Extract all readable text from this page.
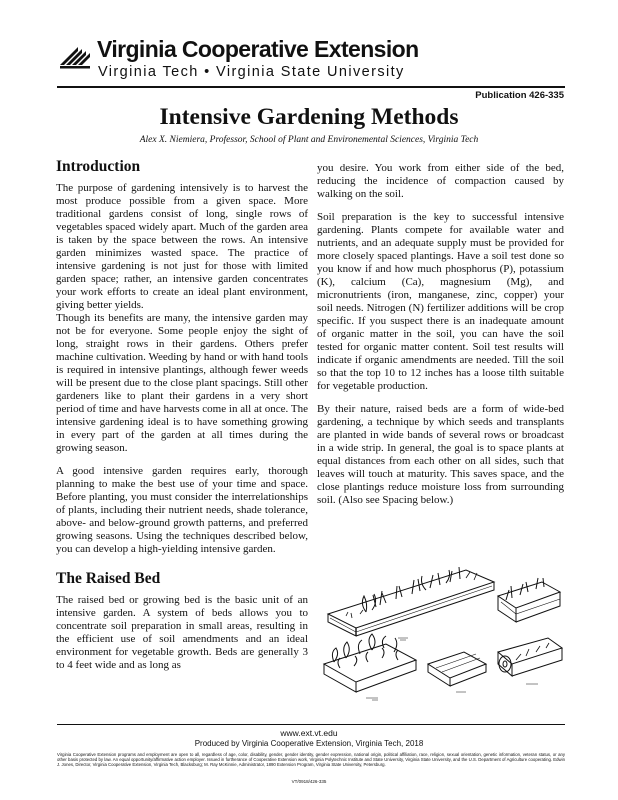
Virginia Cooperative Extension
Virginia Tech • Virginia State University
Publication 426-335
Intensive Gardening Methods
Alex X. Niemiera, Professor, School of Plant and Environemental Sciences, Virginia Tech
Introduction

The purpose of gardening intensively is to harvest the most produce possible from a given space. More traditional gardens consist of long, single rows of vegetables spaced widely apart. Much of the garden area is taken by the space between the rows. An intensive garden minimizes wasted space. The practice of intensive gardening is not just for those with limited garden space; rather, an intensive garden concentrates your work efforts to create an ideal plant environment, giving better yields.

Though its benefits are many, the intensive garden may not be for everyone. Some people enjoy the sight of long, straight rows in their gardens. Others prefer machine cultivation. Weeding by hand or with hand tools is required in intensive plantings, although fewer weeds will be present due to the close plant spacings. Still other gardeners like to plant their gardens in a very short period of time and have harvests come in all at once. The intensive gardening ideal is to have something growing in every part of the garden at all times during the growing season.

A good intensive garden requires early, thorough planning to make the best use of your time and space. Before planting, you must consider the interrelationships of plants, including their nutrient needs, shade tolerance, above- and below-ground growth patterns, and preferred growing seasons. Using the techniques described below, you can develop a high-yielding intensive garden.

The Raised Bed

The raised bed or growing bed is the basic unit of an intensive garden. A system of beds allows you to concentrate soil preparation in small areas, resulting in the efficient use of soil amendments and an ideal environment for vegetable growth. Beds are generally 3 to 4 feet wide and as long as

you desire. You work from either side of the bed, reducing the incidence of compaction caused by walking on the soil.

Soil preparation is the key to successful intensive gardening. Plants compete for available water and nutrients, and an adequate supply must be provided for more closely spaced plantings. Have a soil test done so you know if and how much phosphorus (P), potassium (K), calcium (Ca), magnesium (Mg), and micronutrients (iron, manganese, zinc, copper) your soil needs. Nitrogen (N) fertilizer additions will be crop specific. If you suspect there is an inadequate amount of organic matter in the soil, you can have the soil tested for organic matter content. Soil test results will indicate if organic amendments are needed. Till the soil so that the top 10 to 12 inches has a loose tilth suitable for vegetable production.

By their nature, raised beds are a form of wide-bed gardening, a technique by which seeds and transplants are planted in wide bands of several rows or broadcast in a wide strip. In general, the goal is to space plants at equal distances from each other on all sides, such that leaves will touch at maturity. This saves space, and the close plantings reduce moisture loss from surrounding soil. (Also see Spacing below.)

www.ext.vt.edu
Produced by Virginia Cooperative Extension, Virginia Tech, 2018
Virginia Cooperative Extension programs and employment are open to all, regardless of age, color, disability, gender, gender identity, gender expression, national origin, political affiliation, race, religion, sexual orientation, genetic information, veteran status, or any other basis protected by law. An equal opportunity/affirmative action employer. Issued in furtherance of Cooperative Extension work, Virginia Polytechnic Institute and State University, Virginia State University, and the U.S. Department of Agriculture cooperating. Edwin J. Jones, Director, Virginia Cooperative Extension, Virginia Tech, Blacksburg; M. Ray McKinnie, Administrator, 1890 Extension Program, Virginia State University, Petersburg.
VT/0918/426-335
